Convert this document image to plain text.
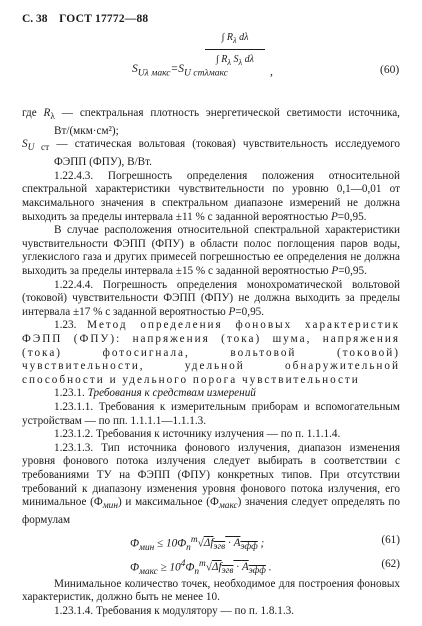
С. 38 ГОСТ 17772—88
$S_{U\lambda макс}=S_{U ст\lambda макс}$
∫ $R_\lambda$ dλ
∫ $R_\lambda$ $S_\lambda$ dλ
,	(60)

где $R_\lambda$ — спектральная плотность энергетической светимости источника, Вт/(мкм·см²);

$S_{U ст}$ — статическая вольтовая (токовая) чувствительность исследуемого ФЭПП (ФПУ), В/Вт.

1.22.4.3. Погрешность определения положения относительной спектральной характеристики чувствительности по уровню 0,1—0,01 от максимального значения в спектральном диапазоне измерений не должна выходить за пределы интервала ±11 % с заданной вероятностью P=0,95.

В случае расположения относительной спектральной характеристики чувствительности ФЭПП (ФПУ) в области полос поглощения паров воды, углекислого газа и других примесей погрешностью ее определения не должна выходить за пределы интервала ±15 % с заданной вероятностью P=0,95.

1.22.4.4. Погрешность определения монохроматической вольтовой (токовой) чувствительности ФЭПП (ФПУ) не должна выходить за пределы интервала ±17 % с заданной вероятностью P=0,95.

1.23. Метод определения фоновых характеристик ФЭПП (ФПУ): напряжения (тока) шума, напряжения (тока) фотосигнала, вольтовой (токовой) чувствительности, удельной обнаружительной способности и удельного порога чувствительности

1.23.1. Требования к средствам измерений

1.23.1.1. Требования к измерительным приборам и вспомогательным устройствам — по пп. 1.1.1.1—1.1.1.3.

1.23.1.2. Требования к источнику излучения — по п. 1.1.1.4.

1.23.1.3. Тип источника фонового излучения, диапазон изменения уровня фонового потока излучения следует выбирать в соответствии с требованиями ТУ на ФЭПП (ФПУ) конкретных типов. При отсутствии требований к диапазону изменения уровня фонового потока излучения, его минимальное $(Ф_{мин})$ и максимальное $(Ф_{макс})$ значения следует определять по формулам

$Ф_{мин} \le 10Ф_п^т√\Delta f_{эгв} \cdot A_{эфф}$ ;	(61)
$Ф_{макс} \ge 10^4Ф_п^т√\Delta f_{эгв} \cdot A_{эфф}$ .	(62)

Минимальное количество точек, необходимое для построения фоновых характеристик, должно быть не менее 10.

1.23.1.4. Требования к модулятору — по п. 1.8.1.3.
